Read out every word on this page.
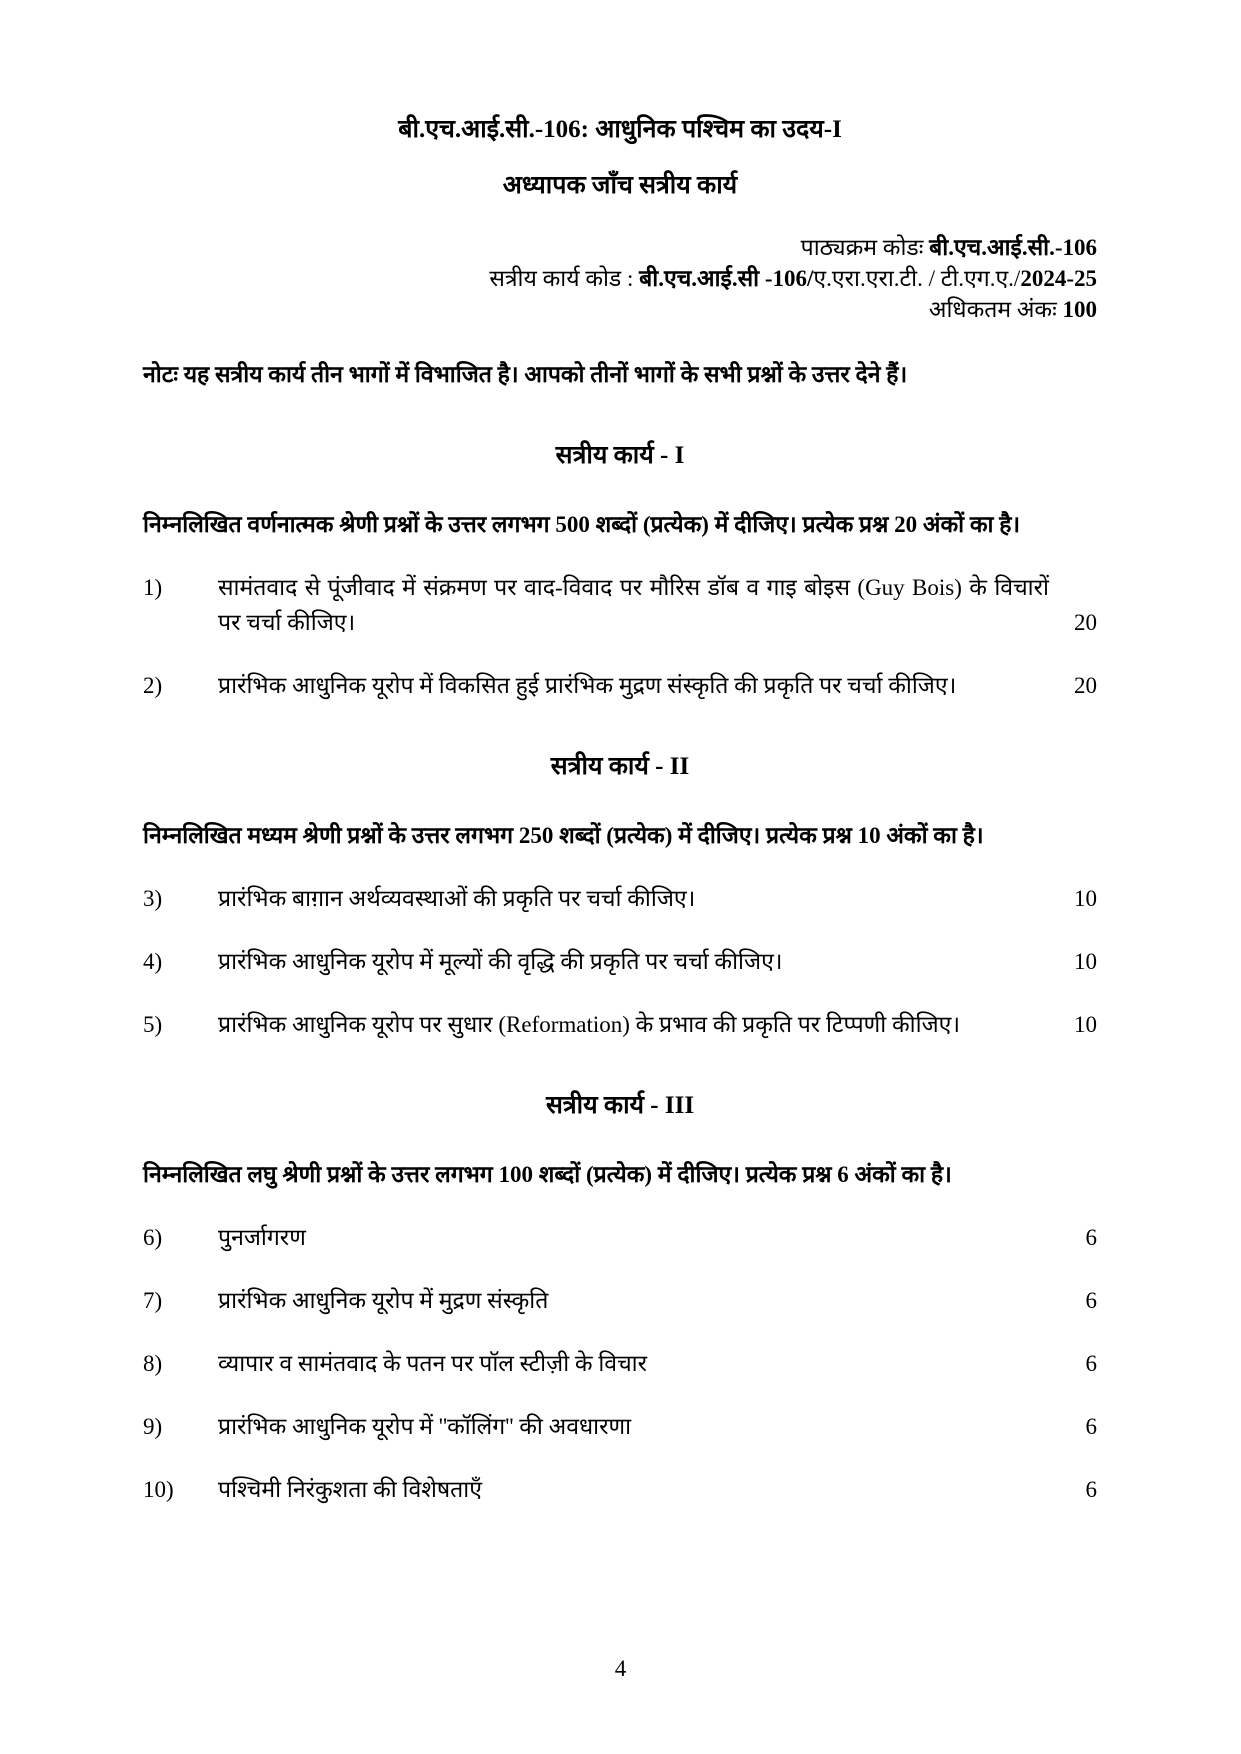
बी.एच.आई.सी.-106: आधुनिक पश्चिम का उदय-I
अध्यापक जाँच सत्रीय कार्य
पाठ्यक्रम कोडः बी.एच.आई.सी.-106
सत्रीय कार्य कोड : बी.एच.आई.सी -106/ए.एरा.एरा.टी. / टी.एग.ए./2024-25
अधिकतम अंकः 100
नोटः यह सत्रीय कार्य तीन भागों में विभाजित है। आपको तीनों भागों के सभी प्रश्नों के उत्तर देने हैं।
सत्रीय कार्य - I
निम्नलिखित वर्णनात्मक श्रेणी प्रश्नों के उत्तर लगभग 500 शब्दों (प्रत्येक) में दीजिए। प्रत्येक प्रश्न 20 अंकों का है।
1)	सामंतवाद से पूंजीवाद में संक्रमण पर वाद-विवाद पर मौरिस डॉब व गाइ बोइस (Guy Bois) के विचारों पर चर्चा कीजिए।	20
2)	प्रारंभिक आधुनिक यूरोप में विकसित हुई प्रारंभिक मुद्रण संस्कृति की प्रकृति पर चर्चा कीजिए।	20
सत्रीय कार्य - II
निम्नलिखित मध्यम श्रेणी प्रश्नों के उत्तर लगभग 250 शब्दों (प्रत्येक) में दीजिए। प्रत्येक प्रश्न 10 अंकों का है।
3)	प्रारंभिक बाग़ान अर्थव्यवस्थाओं की प्रकृति पर चर्चा कीजिए।	10
4)	प्रारंभिक आधुनिक यूरोप में मूल्यों की वृद्धि की प्रकृति पर चर्चा कीजिए।	10
5)	प्रारंभिक आधुनिक यूरोप पर सुधार (Reformation) के प्रभाव की प्रकृति पर टिप्पणी कीजिए।	10
सत्रीय कार्य - III
निम्नलिखित लघु श्रेणी प्रश्नों के उत्तर लगभग 100 शब्दों (प्रत्येक) में दीजिए। प्रत्येक प्रश्न 6 अंकों का है।
6)	पुनर्जागरण	6
7)	प्रारंभिक आधुनिक यूरोप में मुद्रण संस्कृति	6
8)	व्यापार व सामंतवाद के पतन पर पॉल स्टीज़ी के विचार	6
9)	प्रारंभिक आधुनिक यूरोप में ''कॉलिंग'' की अवधारणा	6
10)	पश्चिमी निरंकुशता की विशेषताएँ	6
4
